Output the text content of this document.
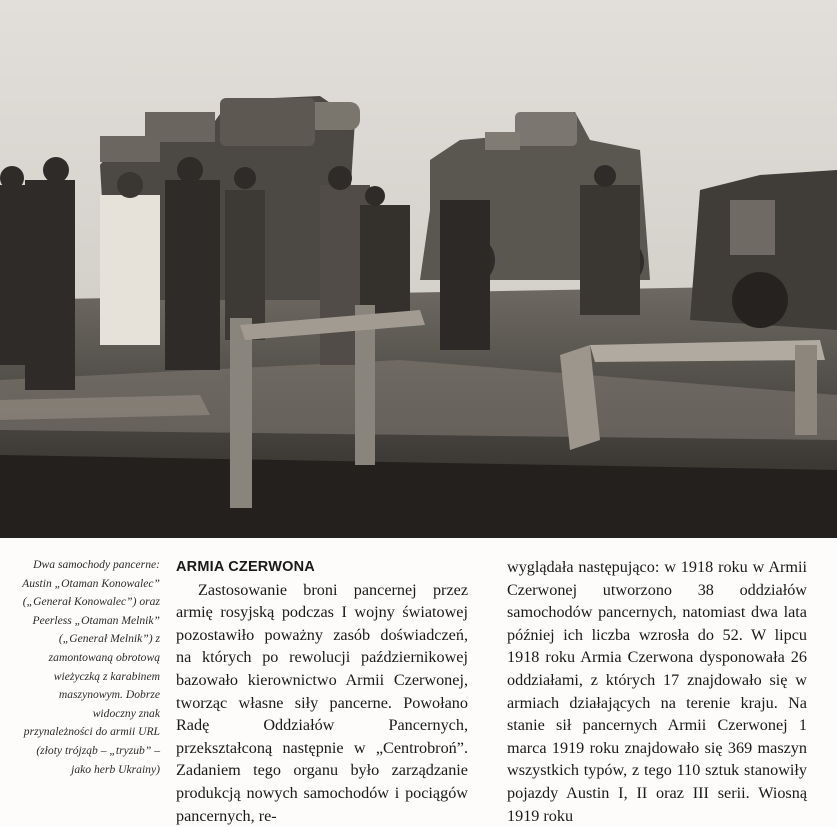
Dwa samochody pancerne: Austin „Otaman Konowalec” („Generał Konowalec”) oraz Peerless „Otaman Melnik” („Generał Melnik”) z zamontowaną obrotową wieżyczką z karabinem maszynowym. Dobrze widoczny znak przynależności do armii URL (złoty trójząb – „tryzub” – jako herb Ukrainy)
ARMIA CZERWONA

Zastosowanie broni pancernej przez armię rosyjską podczas I wojny światowej pozostawiło poważny zasób doświadczeń, na których po rewolucji październikowej bazowało kierownictwo Armii Czerwonej, tworząc własne siły pancerne. Powołano Radę Oddziałów Pancernych, przekształconą następnie w „Centrobroń”. Zadaniem tego organu było zarządzanie produkcją nowych samochodów i pociągów pancernych, re-

wyglądała następująco: w 1918 roku w Armii Czerwonej utworzono 38 oddziałów samochodów pancernych, natomiast dwa lata później ich liczba wzrosła do 52. W lipcu 1918 roku Armia Czerwona dysponowała 26 oddziałami, z których 17 znajdowało się w armiach działających na terenie kraju. Na stanie sił pancernych Armii Czerwonej 1 marca 1919 roku znajdowało się 369 maszyn wszystkich typów, z tego 110 sztuk stanowiły pojazdy Austin I, II oraz III serii. Wiosną 1919 roku
